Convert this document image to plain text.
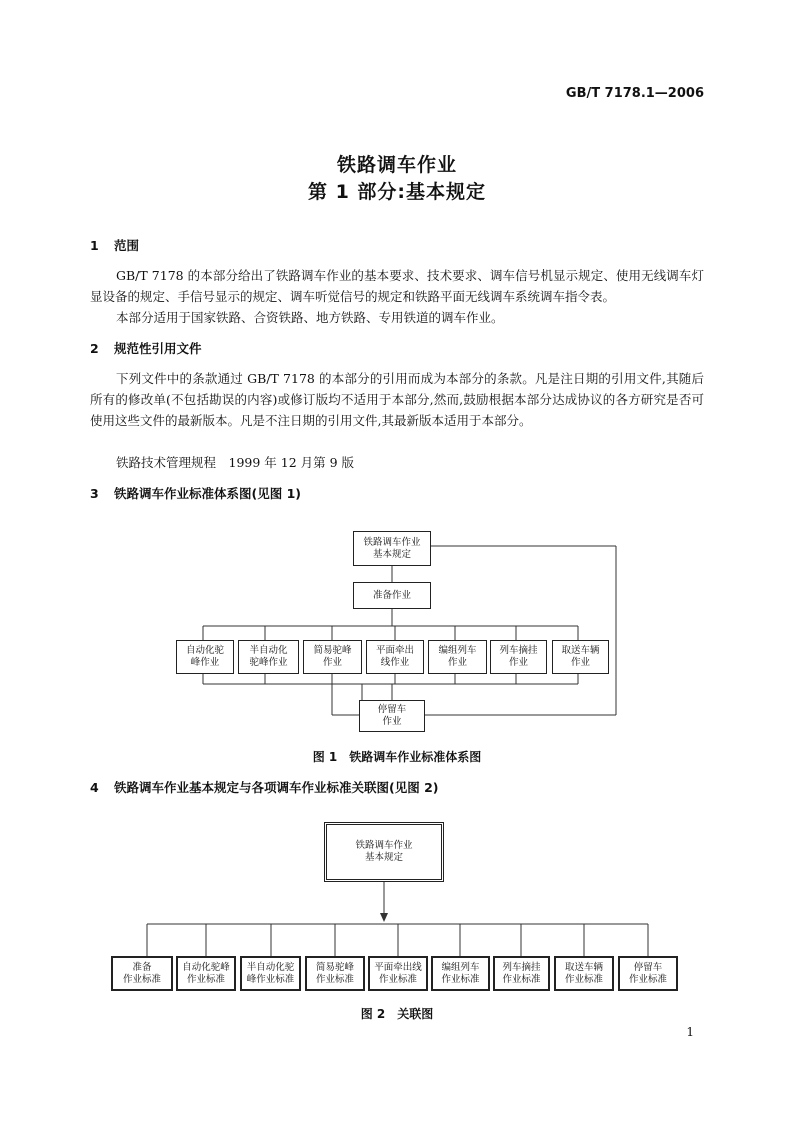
GB/T 7178.1—2006
铁路调车作业
第 1 部分:基本规定
1 范围

GB/T 7178 的本部分给出了铁路调车作业的基本要求、技术要求、调车信号机显示规定、使用无线调车灯显设备的规定、手信号显示的规定、调车听觉信号的规定和铁路平面无线调车系统调车指令表。

本部分适用于国家铁路、合资铁路、地方铁路、专用铁道的调车作业。

2 规范性引用文件

下列文件中的条款通过 GB/T 7178 的本部分的引用而成为本部分的条款。凡是注日期的引用文件,其随后所有的修改单(不包括勘误的内容)或修订版均不适用于本部分,然而,鼓励根据本部分达成协议的各方研究是否可使用这些文件的最新版本。凡是不注日期的引用文件,其最新版本适用于本部分。

铁路技术管理规程　1999 年 12 月第 9 版

3 铁路调车作业标准体系图(见图 1)
铁路调车作业
基本规定
准备作业
自动化驼
峰作业
半自动化
驼峰作业
简易驼峰
作业
平面牵出
线作业
编组列车
作业
列车摘挂
作业
取送车辆
作业
停留车
作业
图 1　铁路调车作业标准体系图
4 铁路调车作业基本规定与各项调车作业标准关联图(见图 2)
铁路调车作业
基本规定
准备
作业标准
自动化驼峰
作业标准
半自动化驼
峰作业标准
简易驼峰
作业标准
平面牵出线
作业标准
编组列车
作业标准
列车摘挂
作业标准
取送车辆
作业标准
停留车
作业标准
图 2　关联图
1
